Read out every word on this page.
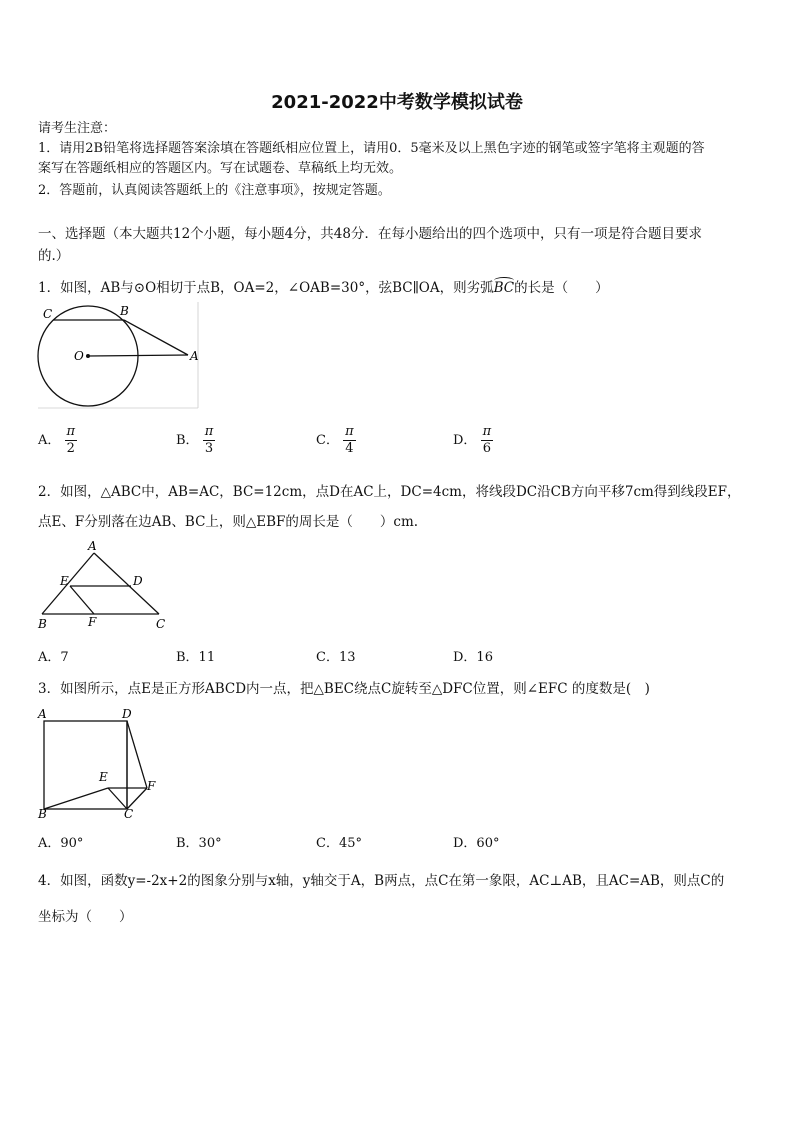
2021-2022中考数学模拟试卷
请考生注意：
1．请用2B铅笔将选择题答案涂填在答题纸相应位置上，请用0．5毫米及以上黑色字迹的钢笔或签字笔将主观题的答
案写在答题纸相应的答题区内。写在试题卷、草稿纸上均无效。
2．答题前，认真阅读答题纸上的《注意事项》，按规定答题。
一、选择题（本大题共12个小题，每小题4分，共48分．在每小题给出的四个选项中，只有一项是符合题目要求
的.）
1．如图，AB与⊙O相切于点B，OA=2，∠OAB=30°，弦BC∥OA，则劣弧BC的长是（　　）
C	B
O	A
A． $\frac{\pi}{2}$	B． $\frac{\pi}{3}$	C． $\frac{\pi}{4}$	D． $\frac{\pi}{6}$
2．如图，△ABC中，AB=AC，BC=12cm，点D在AC上，DC=4cm，将线段DC沿CB方向平移7cm得到线段EF，
点E、F分别落在边AB、BC上，则△EBF的周长是（　　）cm.
A
E	D
B	F	C
A．7	B．11	C．13	D．16
3．如图所示，点E是正方形ABCD内一点，把△BEC绕点C旋转至△DFC位置，则∠EFC 的度数是(　)
A	D
E
F
B	C
A．90°	B．30°	C．45°	D．60°
4．如图，函数y=-2x+2的图象分别与x轴，y轴交于A，B两点，点C在第一象限，AC⊥AB，且AC=AB，则点C的
坐标为（　　）
